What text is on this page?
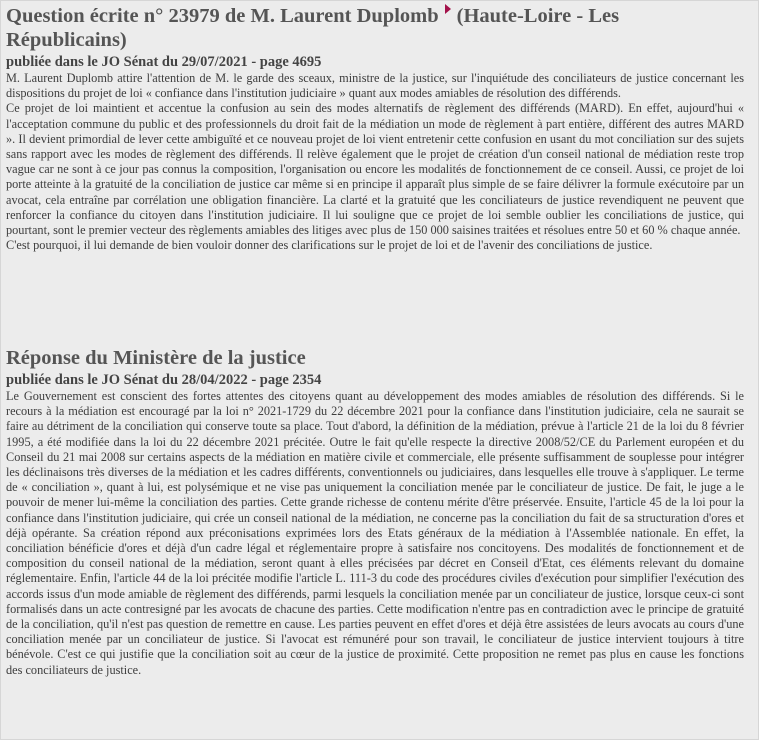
Question écrite n° 23979 de M. Laurent Duplomb (Haute-Loire - Les Républicains)
publiée dans le JO Sénat du 29/07/2021 - page 4695

M. Laurent Duplomb attire l'attention de M. le garde des sceaux, ministre de la justice, sur l'inquiétude des conciliateurs de justice concernant les dispositions du projet de loi « confiance dans l'institution judiciaire » quant aux modes amiables de résolution des différends.

Ce projet de loi maintient et accentue la confusion au sein des modes alternatifs de règlement des différends (MARD). En effet, aujourd'hui « l'acceptation commune du public et des professionnels du droit fait de la médiation un mode de règlement à part entière, différent des autres MARD ». Il devient primordial de lever cette ambiguïté et ce nouveau projet de loi vient entretenir cette confusion en usant du mot conciliation sur des sujets sans rapport avec les modes de règlement des différends. Il relève également que le projet de création d'un conseil national de médiation reste trop vague car ne sont à ce jour pas connus la composition, l'organisation ou encore les modalités de fonctionnement de ce conseil. Aussi, ce projet de loi porte atteinte à la gratuité de la conciliation de justice car même si en principe il apparaît plus simple de se faire délivrer la formule exécutoire par un avocat, cela entraîne par corrélation une obligation financière. La clarté et la gratuité que les conciliateurs de justice revendiquent ne peuvent que renforcer la confiance du citoyen dans l'institution judiciaire. Il lui souligne que ce projet de loi semble oublier les conciliations de justice, qui pourtant, sont le premier vecteur des règlements amiables des litiges avec plus de 150 000 saisines traitées et résolues entre 50 et 60 % chaque année.

C'est pourquoi, il lui demande de bien vouloir donner des clarifications sur le projet de loi et de l'avenir des conciliations de justice.

Réponse du Ministère de la justice
publiée dans le JO Sénat du 28/04/2022 - page 2354

Le Gouvernement est conscient des fortes attentes des citoyens quant au développement des modes amiables de résolution des différends. Si le recours à la médiation est encouragé par la loi n° 2021-1729 du 22 décembre 2021 pour la confiance dans l'institution judiciaire, cela ne saurait se faire au détriment de la conciliation qui conserve toute sa place. Tout d'abord, la définition de la médiation, prévue à l'article 21 de la loi du 8 février 1995, a été modifiée dans la loi du 22 décembre 2021 précitée. Outre le fait qu'elle respecte la directive 2008/52/CE du Parlement européen et du Conseil du 21 mai 2008 sur certains aspects de la médiation en matière civile et commerciale, elle présente suffisamment de souplesse pour intégrer les déclinaisons très diverses de la médiation et les cadres différents, conventionnels ou judiciaires, dans lesquelles elle trouve à s'appliquer. Le terme de « conciliation », quant à lui, est polysémique et ne vise pas uniquement la conciliation menée par le conciliateur de justice. De fait, le juge a le pouvoir de mener lui-même la conciliation des parties. Cette grande richesse de contenu mérite d'être préservée. Ensuite, l'article 45 de la loi pour la confiance dans l'institution judiciaire, qui crée un conseil national de la médiation, ne concerne pas la conciliation du fait de sa structuration d'ores et déjà opérante. Sa création répond aux préconisations exprimées lors des Etats généraux de la médiation à l'Assemblée nationale. En effet, la conciliation bénéficie d'ores et déjà d'un cadre légal et réglementaire propre à satisfaire nos concitoyens. Des modalités de fonctionnement et de composition du conseil national de la médiation, seront quant à elles précisées par décret en Conseil d'Etat, ces éléments relevant du domaine réglementaire. Enfin, l'article 44 de la loi précitée modifie l'article L. 111-3 du code des procédures civiles d'exécution pour simplifier l'exécution des accords issus d'un mode amiable de règlement des différends, parmi lesquels la conciliation menée par un conciliateur de justice, lorsque ceux-ci sont formalisés dans un acte contresigné par les avocats de chacune des parties. Cette modification n'entre pas en contradiction avec le principe de gratuité de la conciliation, qu'il n'est pas question de remettre en cause. Les parties peuvent en effet d'ores et déjà être assistées de leurs avocats au cours d'une conciliation menée par un conciliateur de justice. Si l'avocat est rémunéré pour son travail, le conciliateur de justice intervient toujours à titre bénévole. C'est ce qui justifie que la conciliation soit au cœur de la justice de proximité. Cette proposition ne remet pas plus en cause les fonctions des conciliateurs de justice.
